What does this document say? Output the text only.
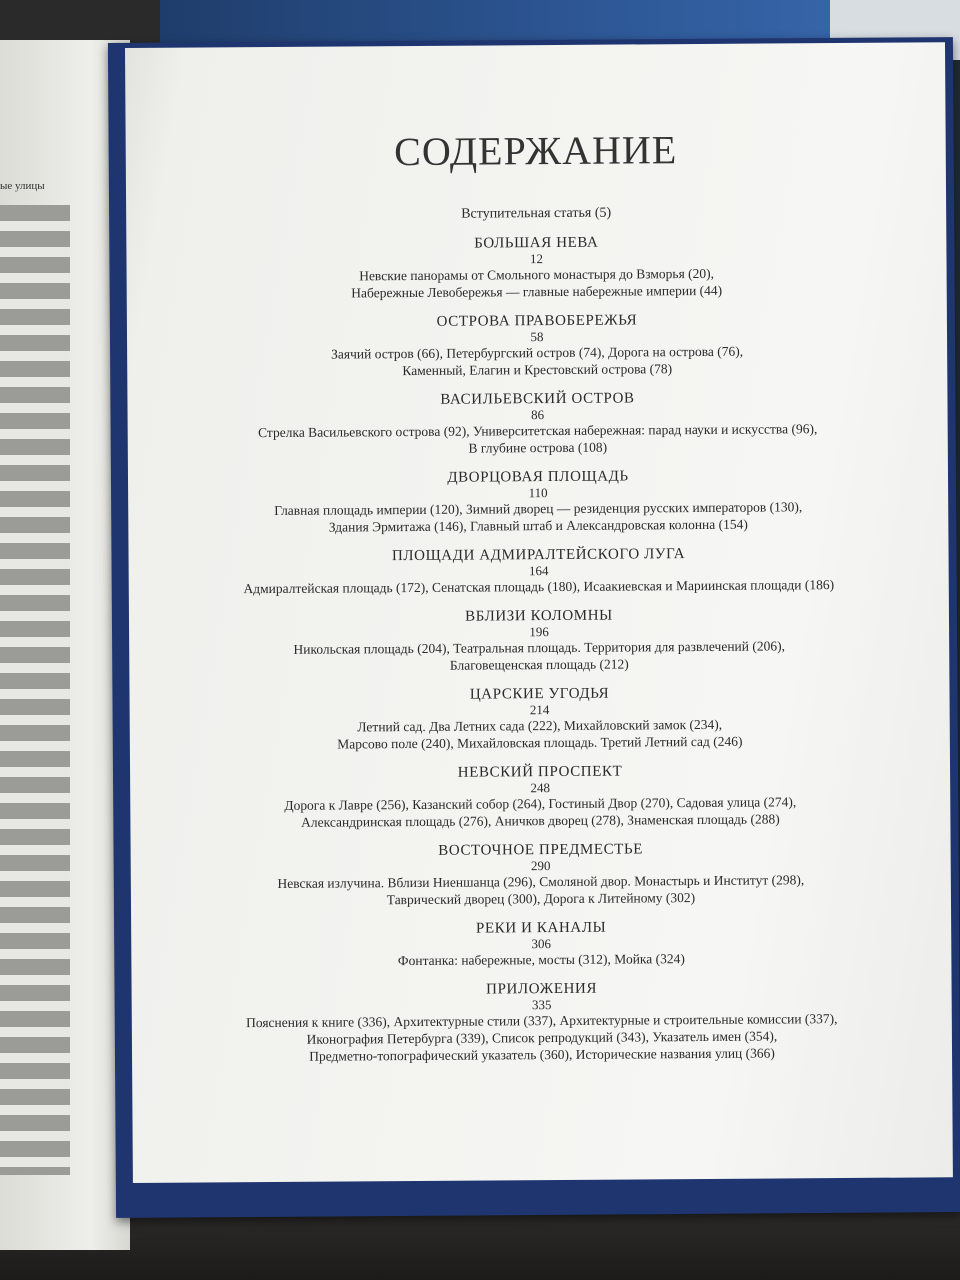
ые улицы
СОДЕРЖАНИЕ
Вступительная статья (5)
БОЛЬШАЯ НЕВА
12
Невские панорамы от Смольного монастыря до Взморья (20),
Набережные Левобережья — главные набережные империи (44)
ОСТРОВА ПРАВОБЕРЕЖЬЯ
58
Заячий остров (66), Петербургский остров (74), Дорога на острова (76),
Каменный, Елагин и Крестовский острова (78)
ВАСИЛЬЕВСКИЙ ОСТРОВ
86
Стрелка Васильевского острова (92), Университетская набережная: парад науки и искусства (96),
В глубине острова (108)
ДВОРЦОВАЯ ПЛОЩАДЬ
110
Главная площадь империи (120), Зимний дворец — резиденция русских императоров (130),
Здания Эрмитажа (146), Главный штаб и Александровская колонна (154)
ПЛОЩАДИ АДМИРАЛТЕЙСКОГО ЛУГА
164
Адмиралтейская площадь (172), Сенатская площадь (180), Исаакиевская и Мариинская площади (186)
ВБЛИЗИ КОЛОМНЫ
196
Никольская площадь (204), Театральная площадь. Территория для развлечений (206),
Благовещенская площадь (212)
ЦАРСКИЕ УГОДЬЯ
214
Летний сад. Два Летних сада (222), Михайловский замок (234),
Марсово поле (240), Михайловская площадь. Третий Летний сад (246)
НЕВСКИЙ ПРОСПЕКТ
248
Дорога к Лавре (256), Казанский собор (264), Гостиный Двор (270), Садовая улица (274),
Александринская площадь (276), Аничков дворец (278), Знаменская площадь (288)
ВОСТОЧНОЕ ПРЕДМЕСТЬЕ
290
Невская излучина. Вблизи Ниеншанца (296), Смоляной двор. Монастырь и Институт (298),
Таврический дворец (300), Дорога к Литейному (302)
РЕКИ И КАНАЛЫ
306
Фонтанка: набережные, мосты (312), Мойка (324)
ПРИЛОЖЕНИЯ
335
Пояснения к книге (336), Архитектурные стили (337), Архитектурные и строительные комиссии (337),
Иконография Петербурга (339), Список репродукций (343), Указатель имен (354),
Предметно-топографический указатель (360), Исторические названия улиц (366)
